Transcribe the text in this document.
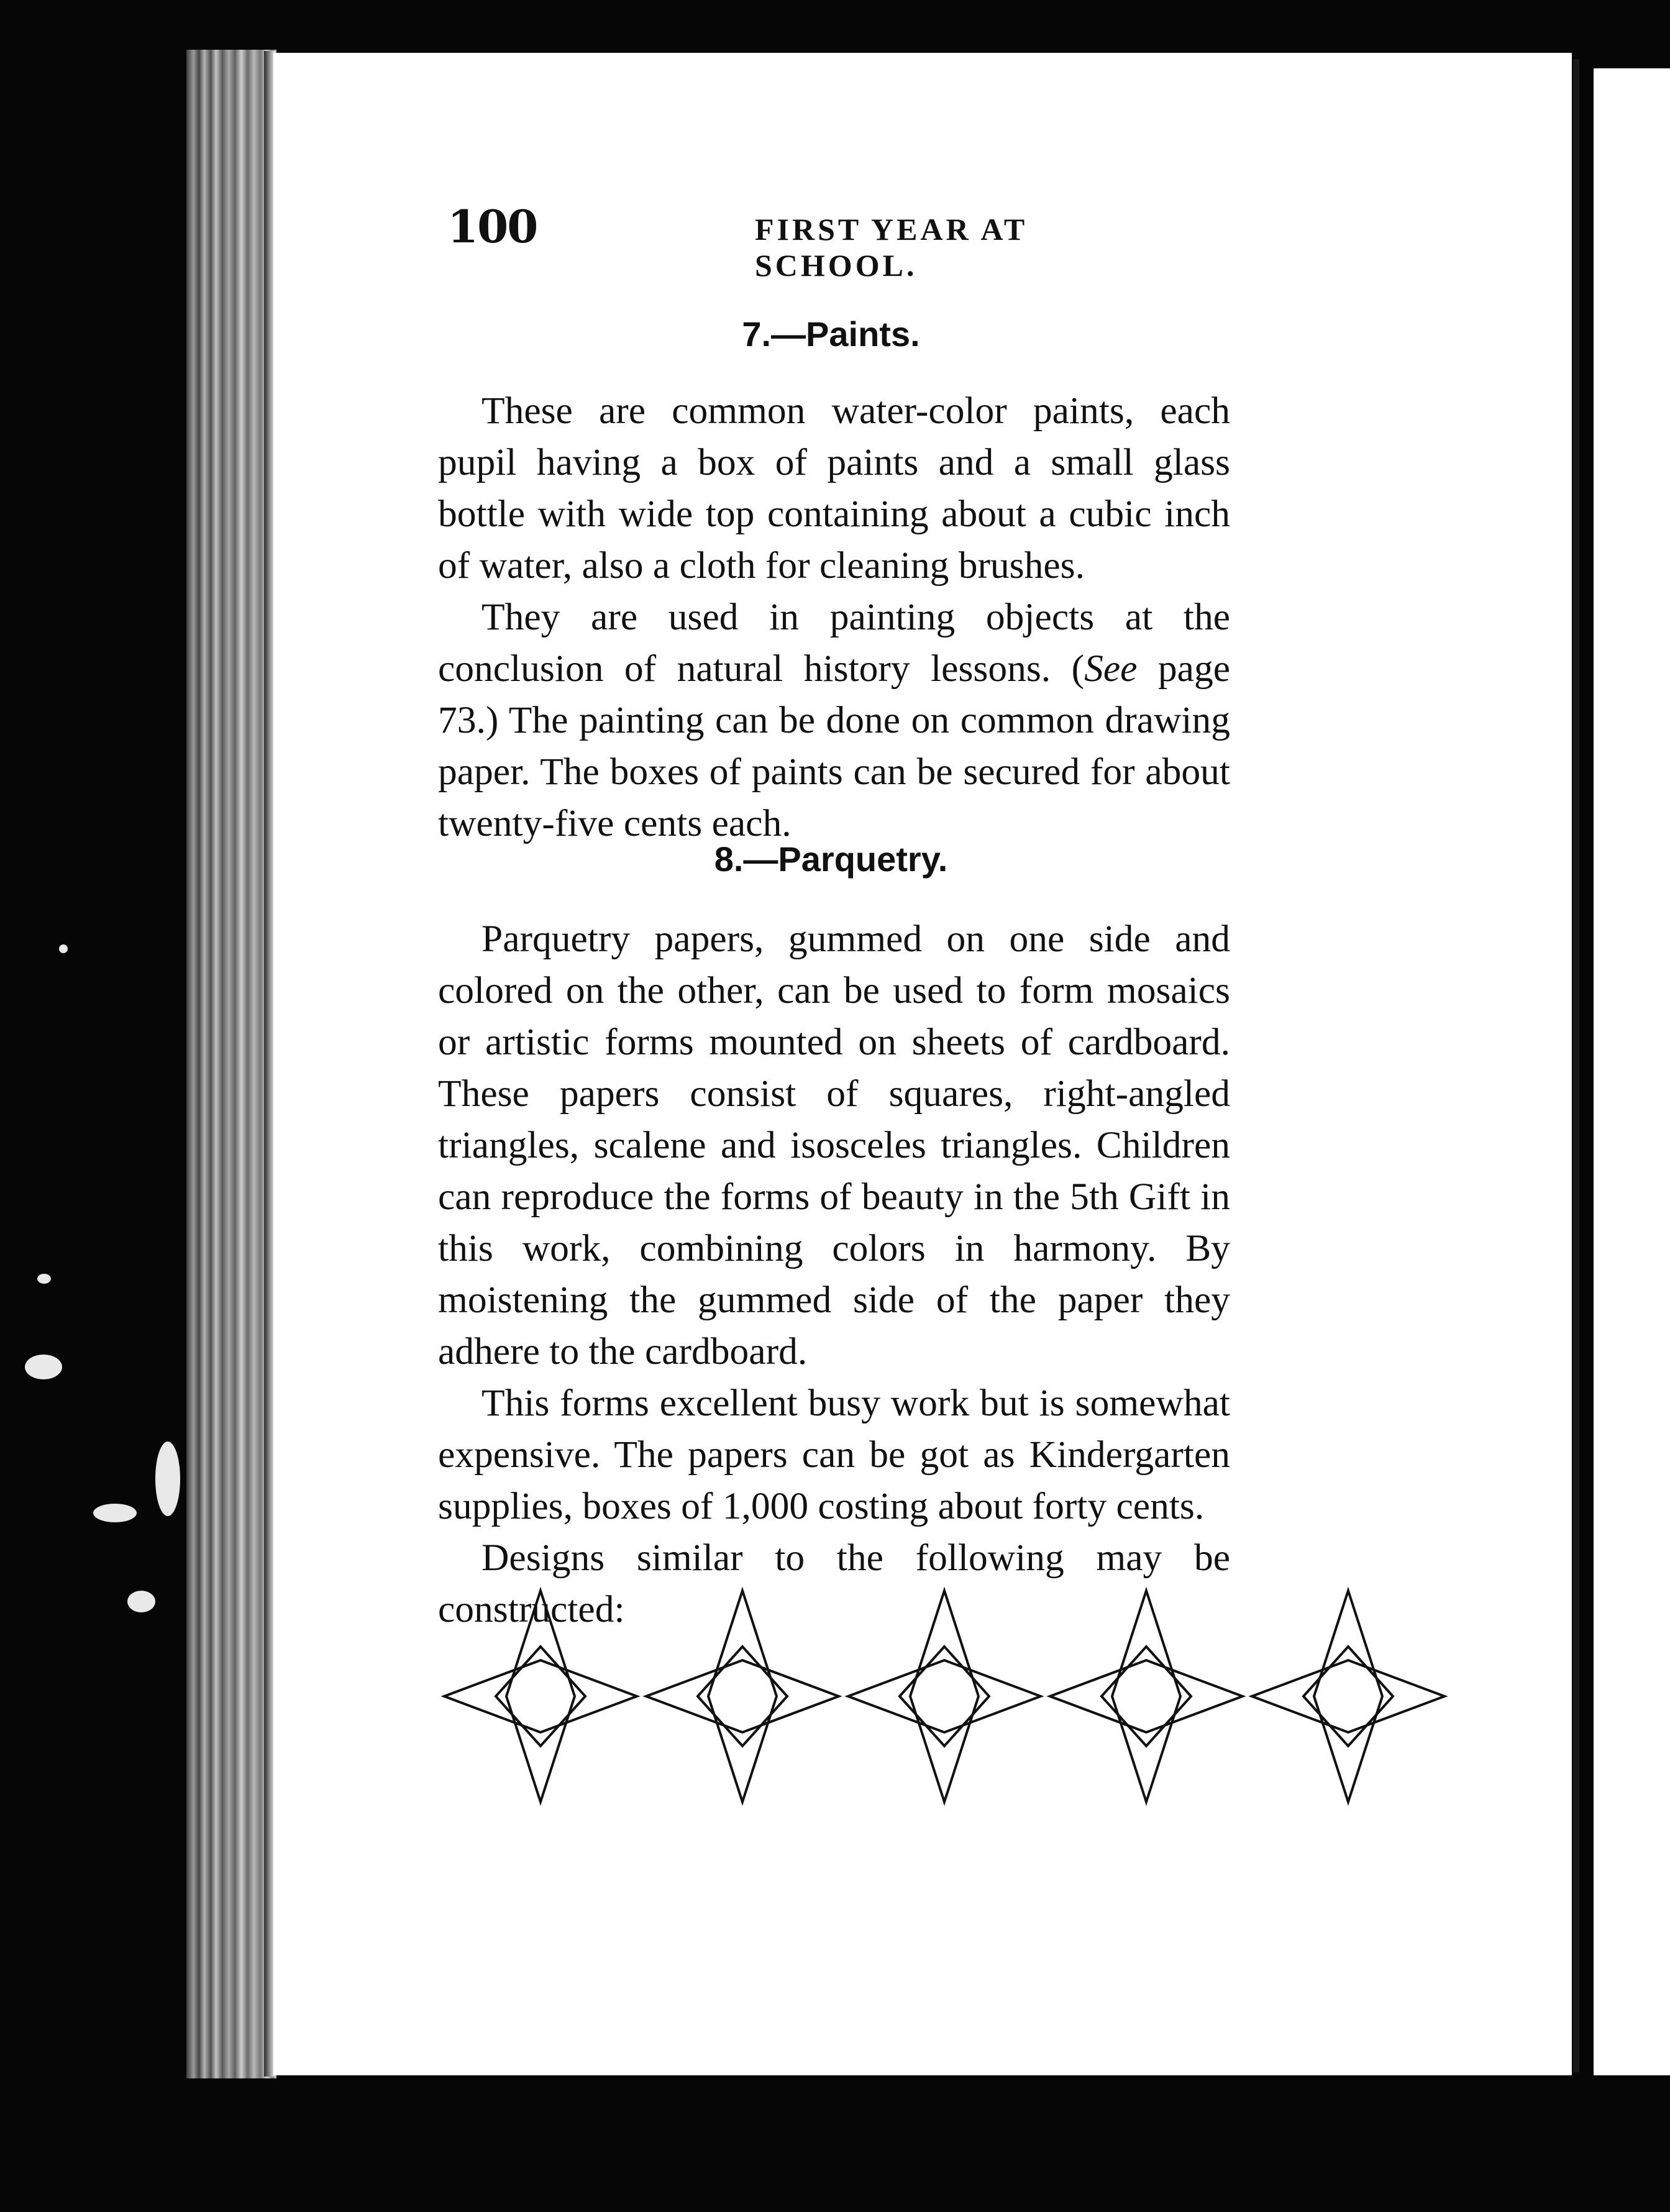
100	FIRST YEAR AT SCHOOL.
7.—Paints.

These are common water-color paints, each pupil having a box of paints and a small glass bottle with wide top containing about a cubic inch of water, also a cloth for cleaning brushes.

They are used in painting objects at the conclusion of natural history lessons. (See page 73.) The painting can be done on common drawing paper. The boxes of paints can be secured for about twenty-five cents each.

8.—Parquetry.

Parquetry papers, gummed on one side and colored on the other, can be used to form mosaics or artistic forms mounted on sheets of cardboard. These papers consist of squares, right-angled triangles, scalene and isosceles triangles. Children can reproduce the forms of beauty in the 5th Gift in this work, combining colors in harmony. By moistening the gummed side of the paper they adhere to the cardboard.

This forms excellent busy work but is somewhat expensive. The papers can be got as Kindergarten supplies, boxes of 1,000 costing about forty cents.

Designs similar to the following may be constructed:
